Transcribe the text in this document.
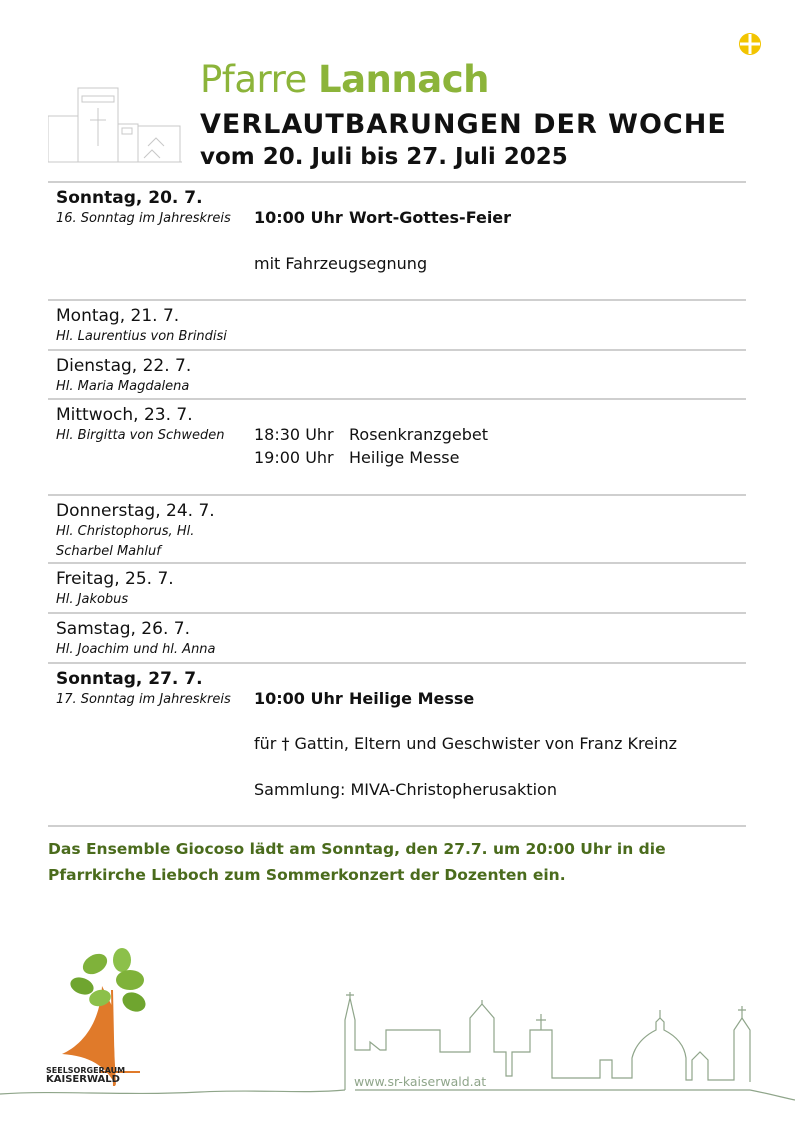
Pfarre Lannach
VERLAUTBARUNGEN DER WOCHE
vom 20. Juli bis 27. Juli 2025
Sonntag, 20. 7.
16. Sonntag im Jahreskreis	10:00 Uhr Wort-Gottes-Feier
mit Fahrzeugsegnung
Montag, 21. 7.
Hl. Laurentius von Brindisi
Dienstag, 22. 7.
Hl. Maria Magdalena
Mittwoch, 23. 7.
Hl. Birgitta von Schweden	18:30 Uhr Rosenkranzgebet
19:00 Uhr Heilige Messe
Donnerstag, 24. 7.
Hl. Christophorus, Hl. Scharbel Mahluf
Freitag, 25. 7.
Hl. Jakobus
Samstag, 26. 7.
Hl. Joachim und hl. Anna
Sonntag, 27. 7.
17. Sonntag im Jahreskreis	10:00 Uhr Heilige Messe
für † Gattin, Eltern und Geschwister von Franz Kreinz
Sammlung: MIVA-Christopherusaktion
Das Ensemble Giocoso lädt am Sonntag, den 27.7. um 20:00 Uhr in die Pfarrkirche Lieboch zum Sommerkonzert der Dozenten ein.
SEELSORGERAUM
KAISERWALD	www.sr-kaiserwald.at
